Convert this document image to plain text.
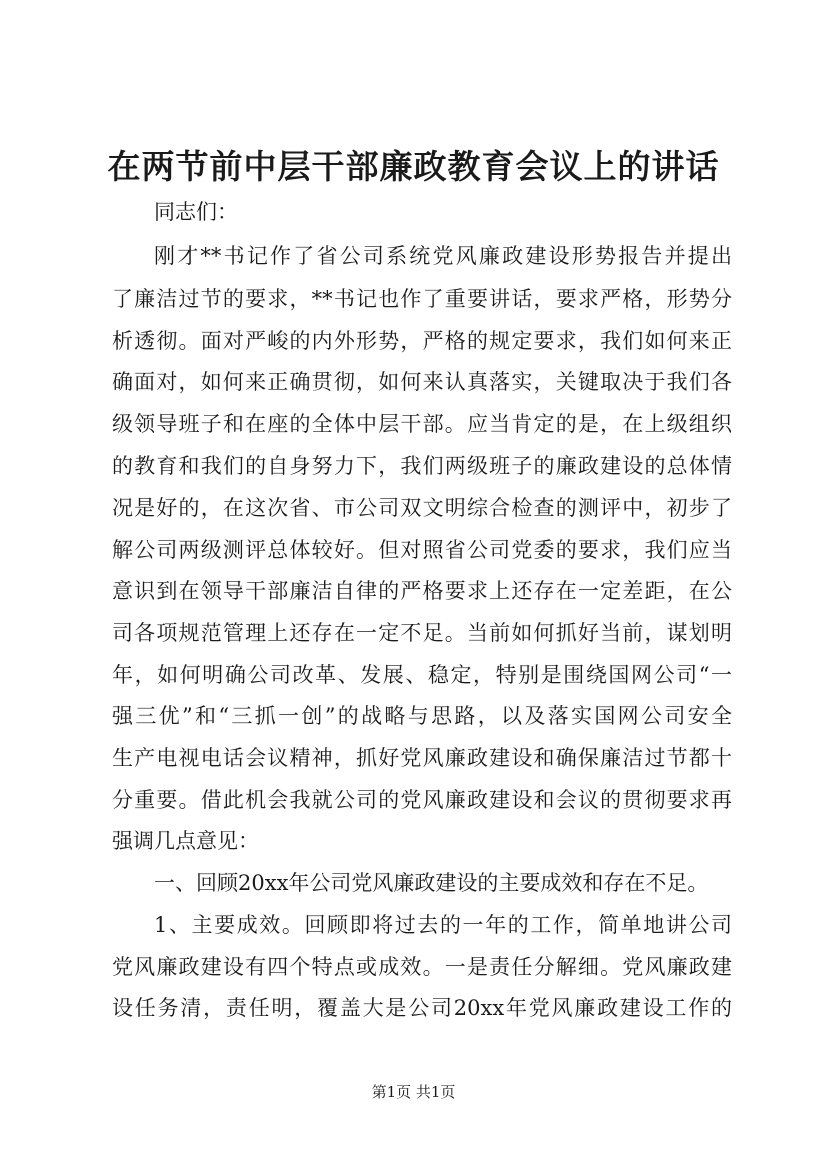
在两节前中层干部廉政教育会议上的讲话
同志们：
刚才**书记作了省公司系统党风廉政建设形势报告并提出
了廉洁过节的要求，**书记也作了重要讲话，要求严格，形势分
析透彻。面对严峻的内外形势，严格的规定要求，我们如何来正
确面对，如何来正确贯彻，如何来认真落实，关键取决于我们各
级领导班子和在座的全体中层干部。应当肯定的是，在上级组织
的教育和我们的自身努力下，我们两级班子的廉政建设的总体情
况是好的，在这次省、市公司双文明综合检查的测评中，初步了
解公司两级测评总体较好。但对照省公司党委的要求，我们应当
意识到在领导干部廉洁自律的严格要求上还存在一定差距，在公
司各项规范管理上还存在一定不足。当前如何抓好当前，谋划明
年，如何明确公司改革、发展、稳定，特别是围绕国网公司“一
强三优”和“三抓一创”的战略与思路，以及落实国网公司安全
生产电视电话会议精神，抓好党风廉政建设和确保廉洁过节都十
分重要。借此机会我就公司的党风廉政建设和会议的贯彻要求再
强调几点意见：
一、回顾20xx年公司党风廉政建设的主要成效和存在不足。
1、主要成效。回顾即将过去的一年的工作，简单地讲公司
党风廉政建设有四个特点或成效。一是责任分解细。党风廉政建
设任务清，责任明，覆盖大是公司20xx年党风廉政建设工作的
第1页 共1页
